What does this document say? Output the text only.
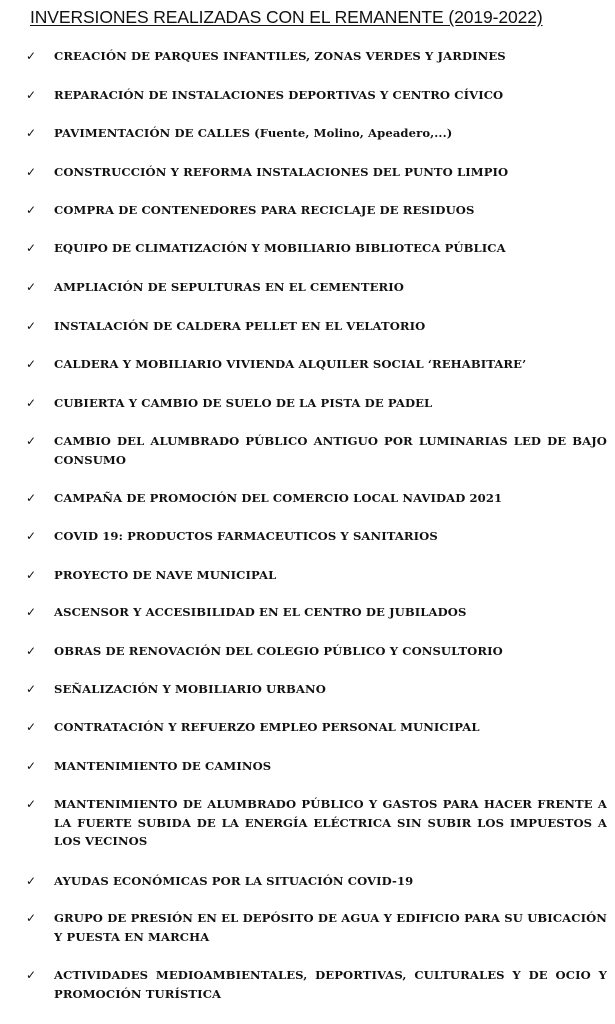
INVERSIONES REALIZADAS CON EL REMANENTE (2019-2022)
✓	CREACIÓN DE PARQUES INFANTILES, ZONAS VERDES Y JARDINES
✓	REPARACIÓN DE INSTALACIONES DEPORTIVAS Y CENTRO CÍVICO
✓	PAVIMENTACIÓN DE CALLES (Fuente, Molino, Apeadero,...)
✓	CONSTRUCCIÓN Y REFORMA INSTALACIONES DEL PUNTO LIMPIO
✓	COMPRA DE CONTENEDORES PARA RECICLAJE DE RESIDUOS
✓	EQUIPO DE CLIMATIZACIÓN Y MOBILIARIO BIBLIOTECA PÚBLICA
✓	AMPLIACIÓN DE SEPULTURAS EN EL CEMENTERIO
✓	INSTALACIÓN DE CALDERA PELLET EN EL VELATORIO
✓	CALDERA Y MOBILIARIO VIVIENDA ALQUILER SOCIAL ‘REHABITARE’
✓	CUBIERTA Y CAMBIO DE SUELO DE LA PISTA DE PADEL
✓	CAMBIO DEL ALUMBRADO PÚBLICO ANTIGUO POR LUMINARIAS LED DE BAJO CONSUMO
✓	CAMPAÑA DE PROMOCIÓN DEL COMERCIO LOCAL NAVIDAD 2021
✓	COVID 19: PRODUCTOS FARMACEUTICOS Y SANITARIOS
✓	PROYECTO DE NAVE MUNICIPAL
✓	ASCENSOR Y ACCESIBILIDAD EN EL CENTRO DE JUBILADOS
✓	OBRAS DE RENOVACIÓN DEL COLEGIO PÚBLICO Y CONSULTORIO
✓	SEÑALIZACIÓN Y MOBILIARIO URBANO
✓	CONTRATACIÓN Y REFUERZO EMPLEO PERSONAL MUNICIPAL
✓	MANTENIMIENTO DE CAMINOS
✓	MANTENIMIENTO DE ALUMBRADO PÚBLICO Y GASTOS PARA HACER FRENTE A LA FUERTE SUBIDA DE LA ENERGÍA ELÉCTRICA SIN SUBIR LOS IMPUESTOS A LOS VECINOS
✓	AYUDAS ECONÓMICAS POR LA SITUACIÓN COVID-19
✓	GRUPO DE PRESIÓN EN EL DEPÓSITO DE AGUA Y EDIFICIO PARA SU UBICACIÓN Y PUESTA EN MARCHA
✓	ACTIVIDADES MEDIOAMBIENTALES, DEPORTIVAS, CULTURALES Y DE OCIO Y PROMOCIÓN TURÍSTICA
